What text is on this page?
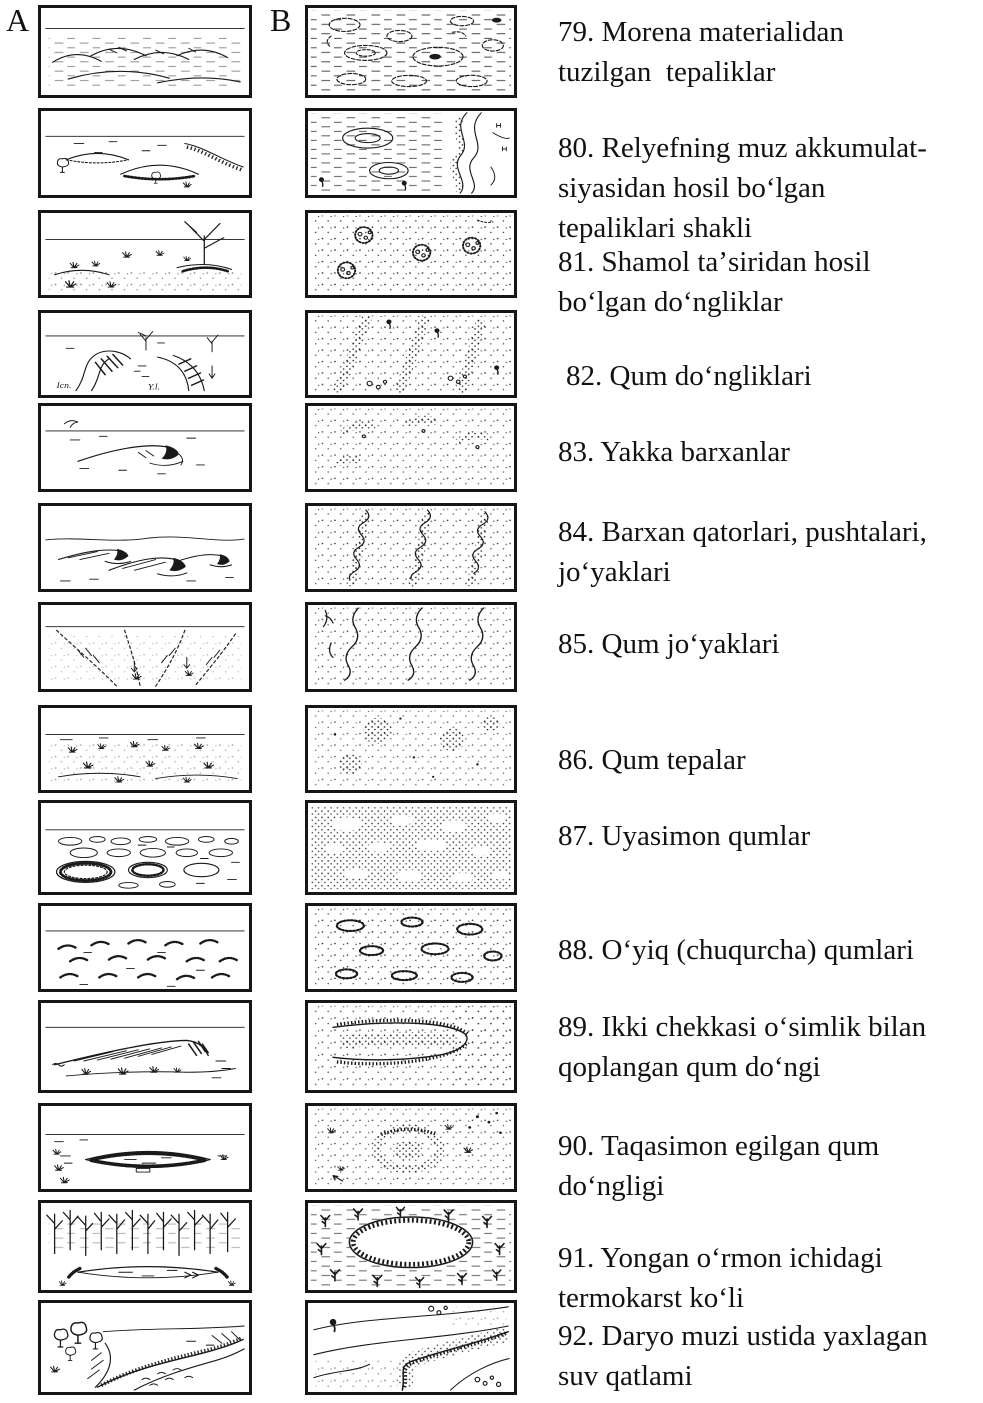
A	B	79. Morena materialidan
tuzilgan  tepaliklar
80. Relyefning muz akkumulat-
siyasidan hosil boʻlgan
tepaliklari shakli
81. Shamol taʼsiridan hosil
boʻlgan doʻngliklar
Icn.	Y.l.	82. Qum doʻngliklari
83. Yakka barxanlar
84. Barxan qatorlari, pushtalari,
joʻyaklari
85. Qum joʻyaklari
86. Qum tepalar
87. Uyasimon qumlar
88. Oʻyiq (chuqurcha) qumlari
89. Ikki chekkasi oʻsimlik bilan
qoplangan qum doʻngi
90. Taqasimon egilgan qum
doʻngligi
91. Yongan oʻrmon ichidagi
termokarst koʻli
92. Daryo muzi ustida yaxlagan
suv qatlami
